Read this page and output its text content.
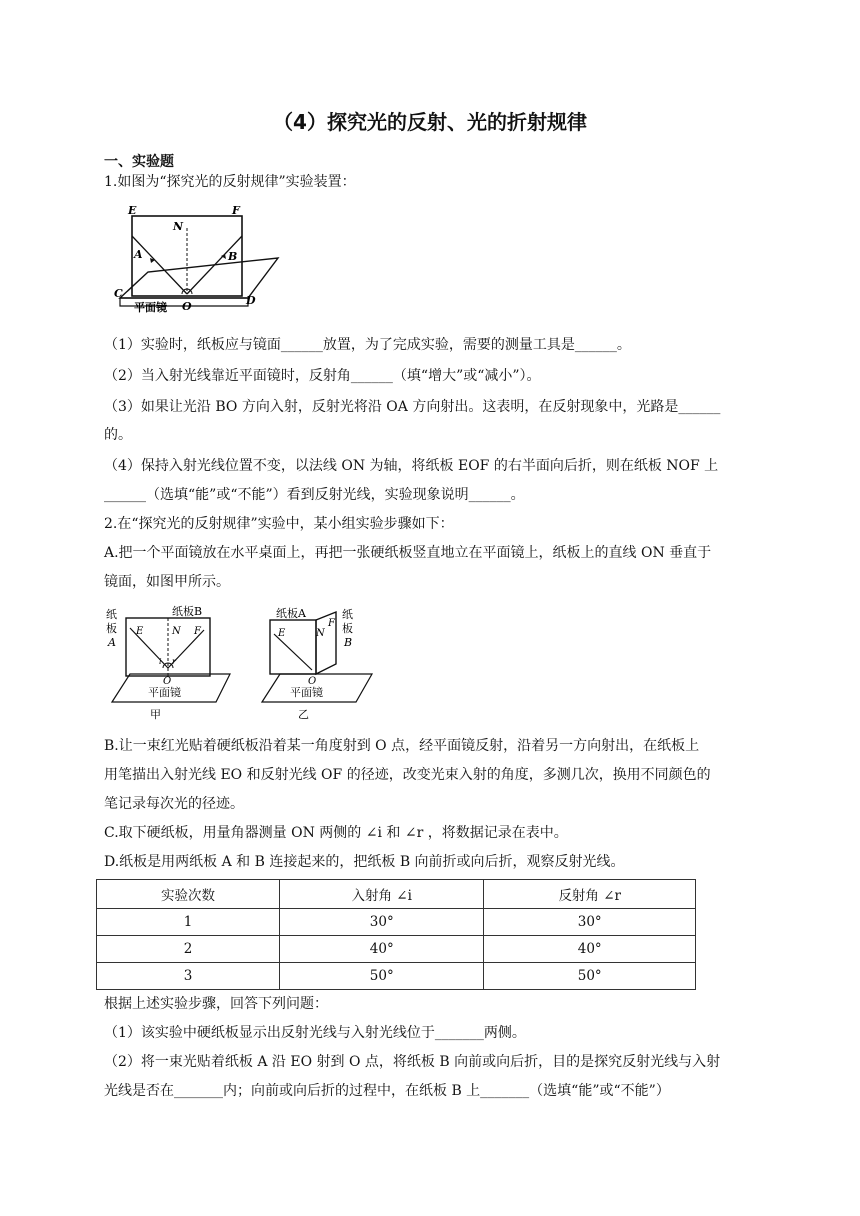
（4）探究光的反射、光的折射规律
一、实验题
1.如图为“探究光的反射规律”实验装置：
E	F
N
A	B
C
D
O
平面镜
（1）实验时，纸板应与镜面______放置，为了完成实验，需要的测量工具是______。
（2）当入射光线靠近平面镜时，反射角______（填“增大”或“减小”）。
（3）如果让光沿 BO 方向入射，反射光将沿 OA 方向射出。这表明，在反射现象中，光路是______
的。
（4）保持入射光线位置不变，以法线 ON 为轴，将纸板 EOF 的右半面向后折，则在纸板 NOF 上
______（选填“能”或“不能”）看到反射光线，实验现象说明______。
2.在“探究光的反射规律”实验中，某小组实验步骤如下：
A.把一个平面镜放在水平桌面上，再把一张硬纸板竖直地立在平面镜上，纸板上的直线 ON 垂直于
镜面，如图甲所示。
纸
板
A
纸板B
E	N F
i r
O
平面镜
甲
纸板A	纸
板
B
E	N
F
O
平面镜
乙
B.让一束红光贴着硬纸板沿着某一角度射到 O 点，经平面镜反射，沿着另一方向射出，在纸板上
用笔描出入射光线 EO 和反射光线 OF 的径迹，改变光束入射的角度，多测几次，换用不同颜色的
笔记录每次光的径迹。
C.取下硬纸板，用量角器测量 ON 两侧的 ∠i 和 ∠r ，将数据记录在表中。
D.纸板是用两纸板 A 和 B 连接起来的，把纸板 B 向前折或向后折，观察反射光线。
实验次数	入射角 ∠i	反射角 ∠r
1	30°	30°
2	40°	40°
3	50°	50°
根据上述实验步骤，回答下列问题：
（1）该实验中硬纸板显示出反射光线与入射光线位于_______两侧。
（2）将一束光贴着纸板 A 沿 EO 射到 O 点，将纸板 B 向前或向后折，目的是探究反射光线与入射
光线是否在_______内；向前或向后折的过程中，在纸板 B 上_______（选填“能”或“不能”）
